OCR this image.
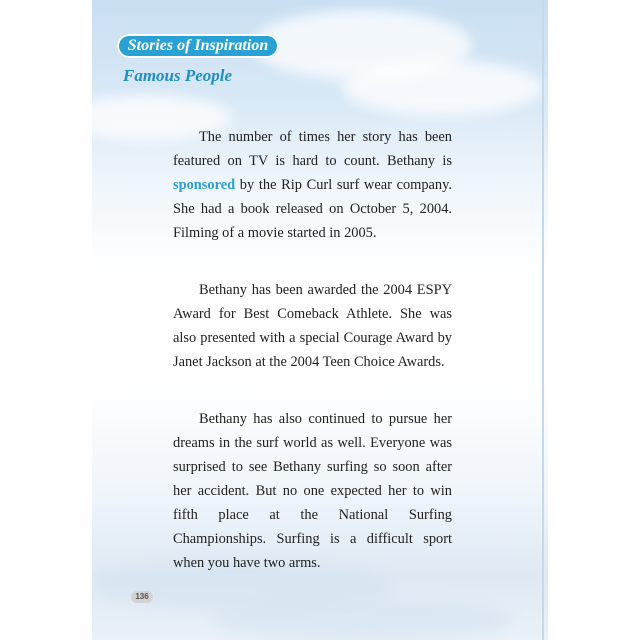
Stories of Inspiration
Famous People

The number of times her story has been featured on TV is hard to count. Bethany is sponsored by the Rip Curl surf wear company. She had a book released on October 5, 2004. Filming of a movie started in 2005.

Bethany has been awarded the 2004 ESPY Award for Best Comeback Athlete. She was also presented with a special Courage Award by Janet Jackson at the 2004 Teen Choice Awards.

Bethany has also continued to pursue her dreams in the surf world as well. Everyone was surprised to see Bethany surfing so soon after her accident. But no one expected her to win fifth place at the National Surfing Championships. Surfing is a difficult sport when you have two arms.

136
